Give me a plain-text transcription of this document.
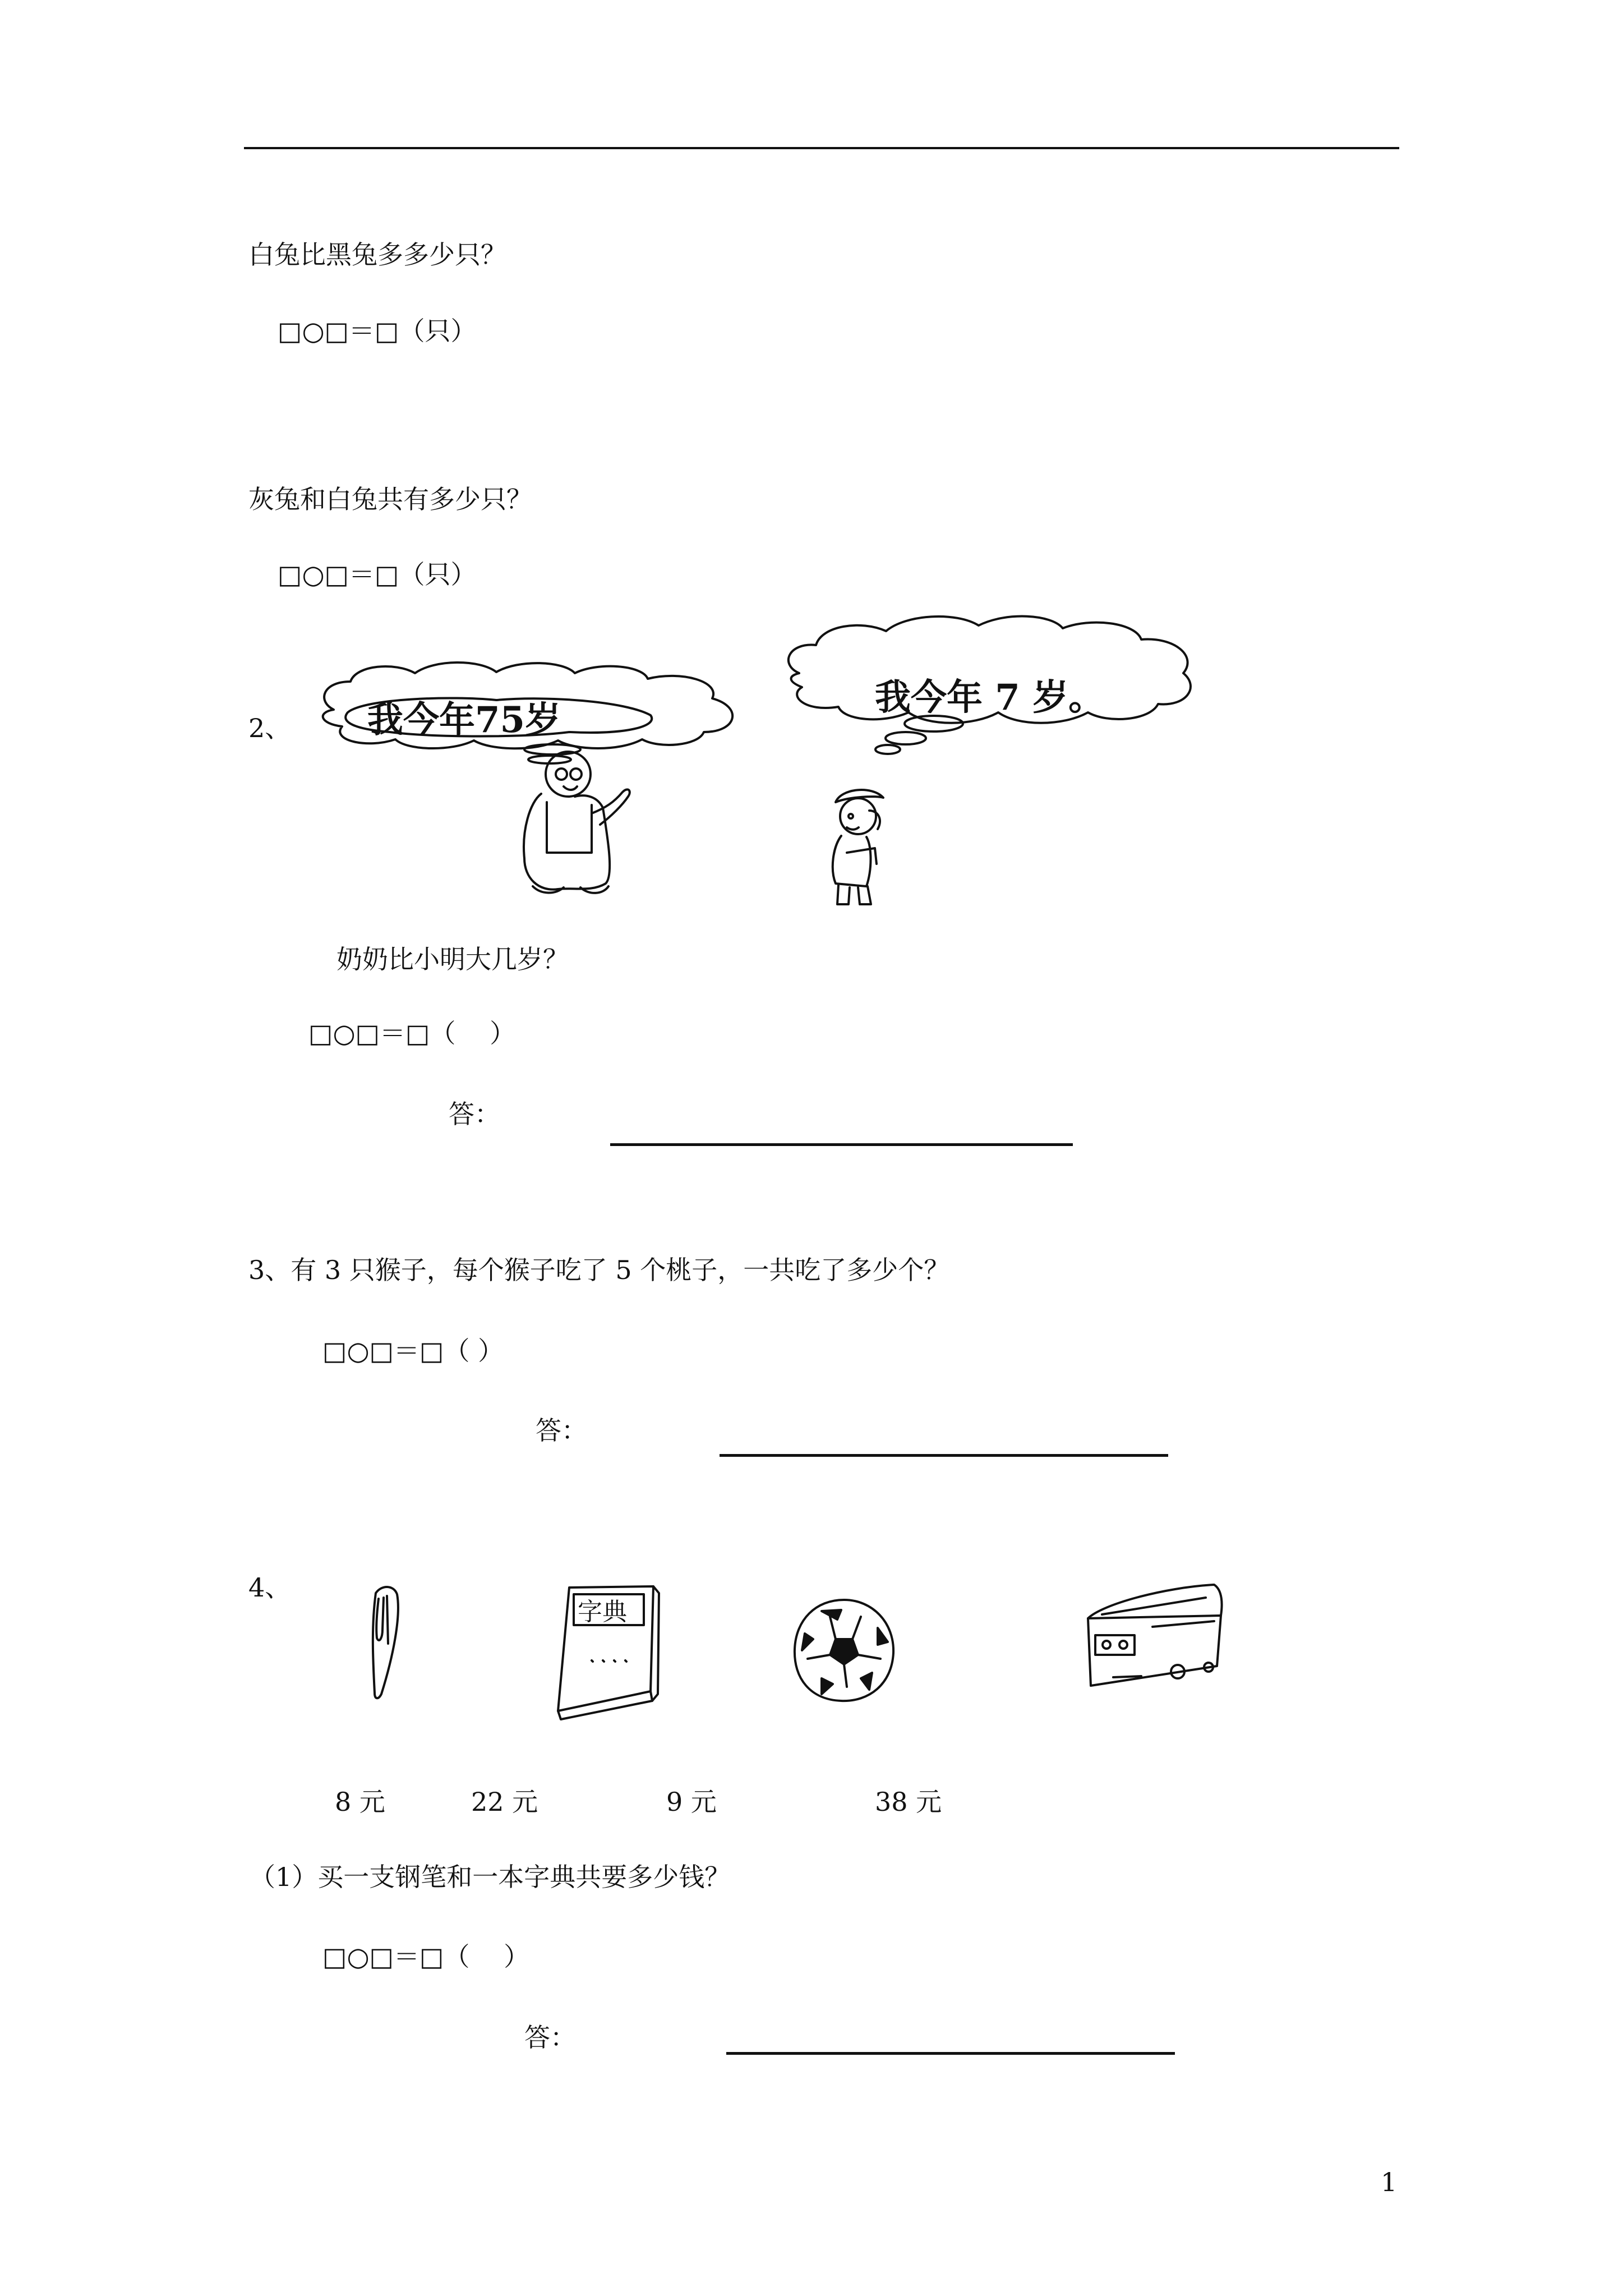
白兔比黑兔多多少只？
□○□＝□（只）
灰兔和白兔共有多少只？
□○□＝□（只）
2、 我今年75岁
我今年 7 岁。
奶奶比小明大几岁？
□○□＝□（　 ）
答：
3、有 3 只猴子，每个猴子吃了 5 个桃子，一共吃了多少个？
□○□＝□（ ）
答：
4、
字典
8 元	22 元	9 元	38 元
（1）买一支钢笔和一本字典共要多少钱？
□○□＝□（　 ）
答：
1
